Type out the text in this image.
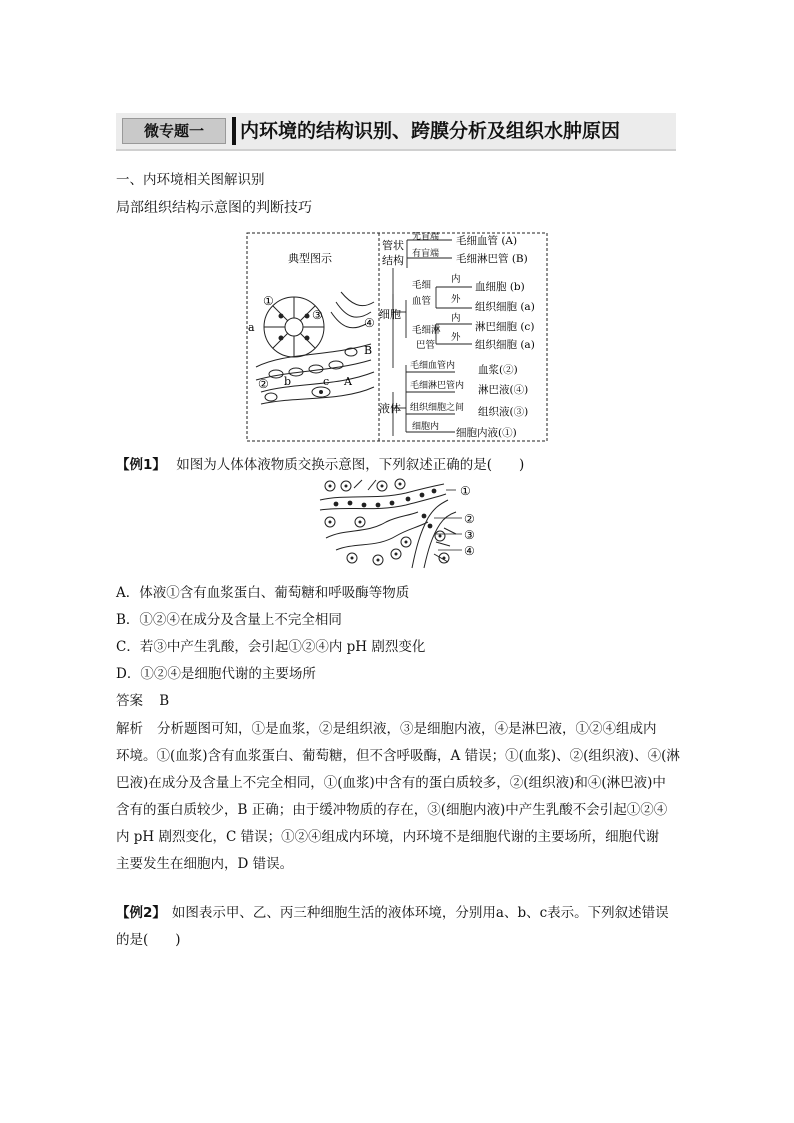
微专题一	内环境的结构识别、跨膜分析及组织水肿原因
一、内环境相关图解识别
局部组织结构示意图的判断技巧
典型图示
①
③
④
a
B
② b	c A
管状
结构
无盲端
有盲端
毛细血管 (A)
毛细淋巴管 (B)
细胞
毛细
血管
内
外
血细胞 (b)
组织细胞 (a)
毛细淋
巴管
内
外
淋巴细胞 (c)
组织细胞 (a)
液体
毛细血管内 血浆(②)
毛细淋巴管内 淋巴液(④)
组织细胞之间 组织液(③)
细胞内 细胞内液(①)
【例1】 如图为人体体液物质交换示意图，下列叙述正确的是(　　)
①
②
③
④
A．体液①含有血浆蛋白、葡萄糖和呼吸酶等物质
B．①②④在成分及含量上不完全相同
C．若③中产生乳酸，会引起①②④内 pH 剧烈变化
D．①②④是细胞代谢的主要场所
答案 B
解析 分析题图可知，①是血浆，②是组织液，③是细胞内液，④是淋巴液，①②④组成内
环境。①(血浆)含有血浆蛋白、葡萄糖，但不含呼吸酶，A 错误；①(血浆)、②(组织液)、④(淋
巴液)在成分及含量上不完全相同，①(血浆)中含有的蛋白质较多，②(组织液)和④(淋巴液)中
含有的蛋白质较少，B 正确；由于缓冲物质的存在，③(细胞内液)中产生乳酸不会引起①②④
内 pH 剧烈变化，C 错误；①②④组成内环境，内环境不是细胞代谢的主要场所，细胞代谢
主要发生在细胞内，D 错误。
【例2】 如图表示甲、乙、丙三种细胞生活的液体环境，分别用a、b、c表示。下列叙述错误
的是(　　)
